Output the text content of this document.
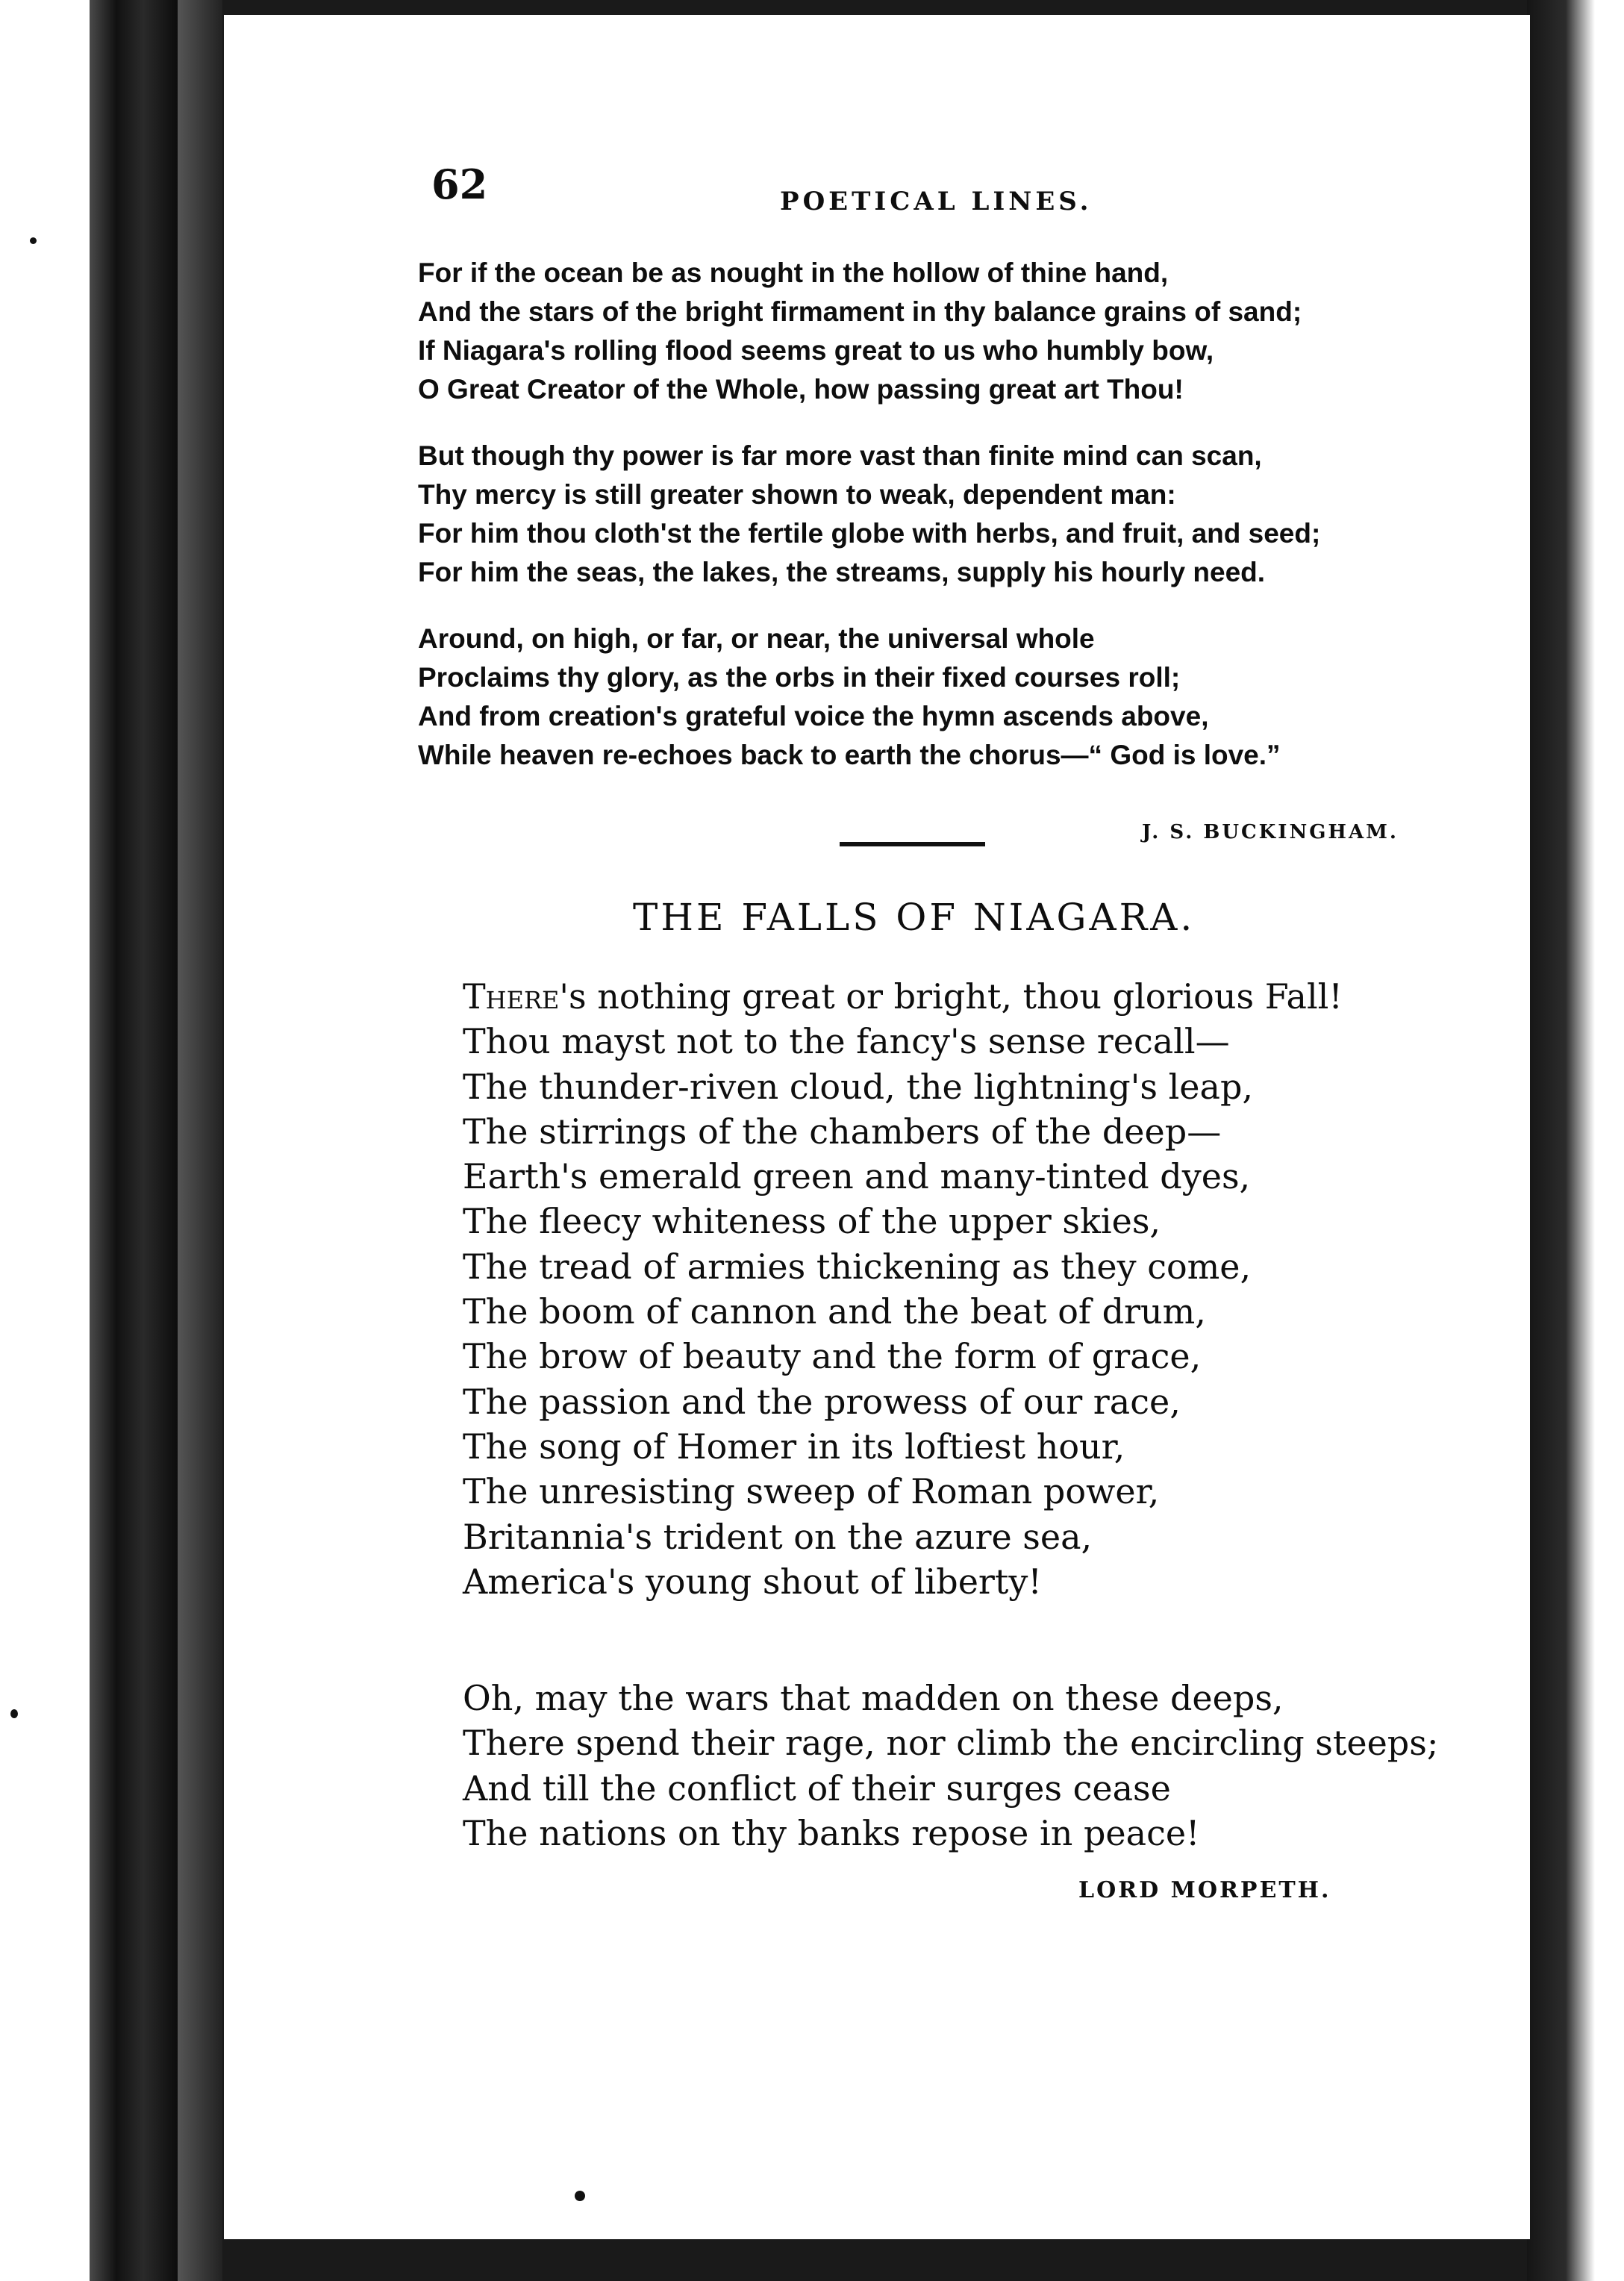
62	POETICAL LINES.
For if the ocean be as nought in the hollow of thine hand,
And the stars of the bright firmament in thy balance grains of sand;
If Niagara's rolling flood seems great to us who humbly bow,
O Great Creator of the Whole, how passing great art Thou!
But though thy power is far more vast than finite mind can scan,
Thy mercy is still greater shown to weak, dependent man:
For him thou cloth'st the fertile globe with herbs, and fruit, and seed;
For him the seas, the lakes, the streams, supply his hourly need.
Around, on high, or far, or near, the universal whole
Proclaims thy glory, as the orbs in their fixed courses roll;
And from creation's grateful voice the hymn ascends above,
While heaven re-echoes back to earth the chorus—“ God is love.”
J. S. BUCKINGHAM.
THE FALLS OF NIAGARA.
There's nothing great or bright, thou glorious Fall!
Thou mayst not to the fancy's sense recall—
The thunder-riven cloud, the lightning's leap,
The stirrings of the chambers of the deep—
Earth's emerald green and many-tinted dyes,
The fleecy whiteness of the upper skies,
The tread of armies thickening as they come,
The boom of cannon and the beat of drum,
The brow of beauty and the form of grace,
The passion and the prowess of our race,
The song of Homer in its loftiest hour,
The unresisting sweep of Roman power,
Britannia's trident on the azure sea,
America's young shout of liberty!
Oh, may the wars that madden on these deeps,
There spend their rage, nor climb the encircling steeps;
And till the conflict of their surges cease
The nations on thy banks repose in peace!
LORD MORPETH.
